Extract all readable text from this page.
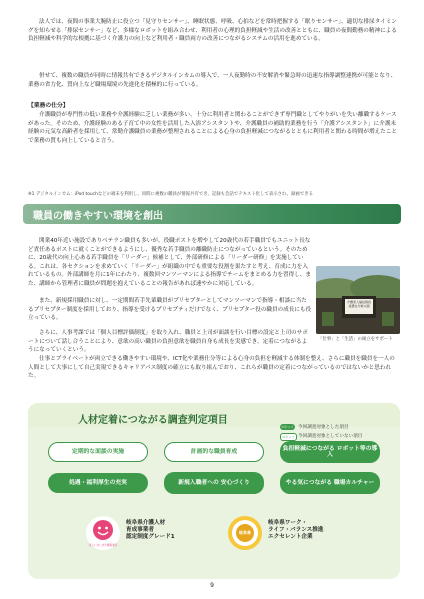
法人では、夜間の事業大腕防止に役立つ「見守りセンサー」、睡眠状態、呼吸、心拍などを常時把握する「眠りセンサー」、適切な排尿タイミングを知らせる「排尿センサー」など、多様なロボットを組み合わせ、利用者の心理的負担軽減や生活の改善とともに、職員の夜間勤務の精神による負担軽減や科学的な根拠に基づく介護力の向上など利用者・職員両方の改善につながるシステムの活用を進めている。

併せて、複数の職員が同時に情報共有できるデジタルインカムの導入で、一人夜勤時の不安解消や緊急時の迅速な指導調整連携が可能となり、業務の省力化、質向上など職場環境の先進化を積極的に行っている。

【業務の仕分】

介護職員が専門性の低い業務や介護経験に乏しい業務が多い、十分に利用者と関わることができず専門職としてやりがいを失い離職するケースがあった。そのため、介護経験のある子育て中の女性を活用した入浴アシスタントや、介護職員の補助的業務を行う「介護アシスタント」に介護未経験の元気な高齢者を採用して、常勤介護職員の業務が整理されることによる心身の負担軽減につながるとともに利用者と関わる時間が増えたことで業務の質も向上していると言う。

※1 デジタルインカム：iPod touchなどの端末を利用し、同時に複数の職員が情報共有でき、記録も会話でテキスト化して表示され、録画できる

職員の働きやすい環境を創出

開業40年近い施設でありベテラン職員も多いが、役職ポストを増やして20歳代の若手職員でもユニット長など責任あるポストに就くことができるようにし、優秀な若手職員の離職防止につながっているという。そのために、20歳代の向上心ある若手職員を「リーダー」候補として、外部研修による「リーダー研修」を実施している。これは、各セクションを求めていく「リーダー」が組織の中でも重要な役割を果たすと考え、育成に力を入れているもの。外部講師を月に1年にわたり、複数回マンツーマンによる指導でチームをまとめる力を習得し、また、講師から管理者に職員が問題を抱えていることの報告があれば速やかに対応している。

また、新規採用職員に対し、一定期間若手先輩職員がプリセプターとしてマンツーマンで指導・相談に当たるプリセプター制度を採用しており、指導を受けるプリセプティだけでなく、プリセプター役の職員の成長にも役立っている。

さらに、人事考課では「個人目標評価制度」を取り入れ、職員と上司が面談を行い目標の設定と上司のサポートについて話し合うことにより、意欲の高い職員の負担意欲を職員自身も成長を実感でき、定着につながるようになっていくという。

介護老人福祉施設 美濃白川楽々園
「仕事」と「生活」の両立をサポート

仕事とプライベートが両立できる働きやすい環境や、ICT化や業務仕分等による心身の負担を軽減する体制を整え、さらに職員を職員を一人の人間として大事にして自己実現できるキャリアパス制度の確立にも取り組んでおり、これらが職員の定着につながっているのではないかと思われた。

人材定着につながる調査判定項目
ロボット 今回調査対象とした項目
ロボット 今回調査対象としていない項目
定期的な面談の実施	計画的な職員育成
負担軽減につながる ロボット等の導入
処遇・福利厚生の充実	新規入職者への 安心づくり	やる気につながる 職場カルチャー
ぎふいきいき介護事業所
岐阜県介護人材
育成事業者
認定制度グレード1
岐阜県
岐阜県ワーク・
ライフ・バランス推進
エクセレント企業
9
